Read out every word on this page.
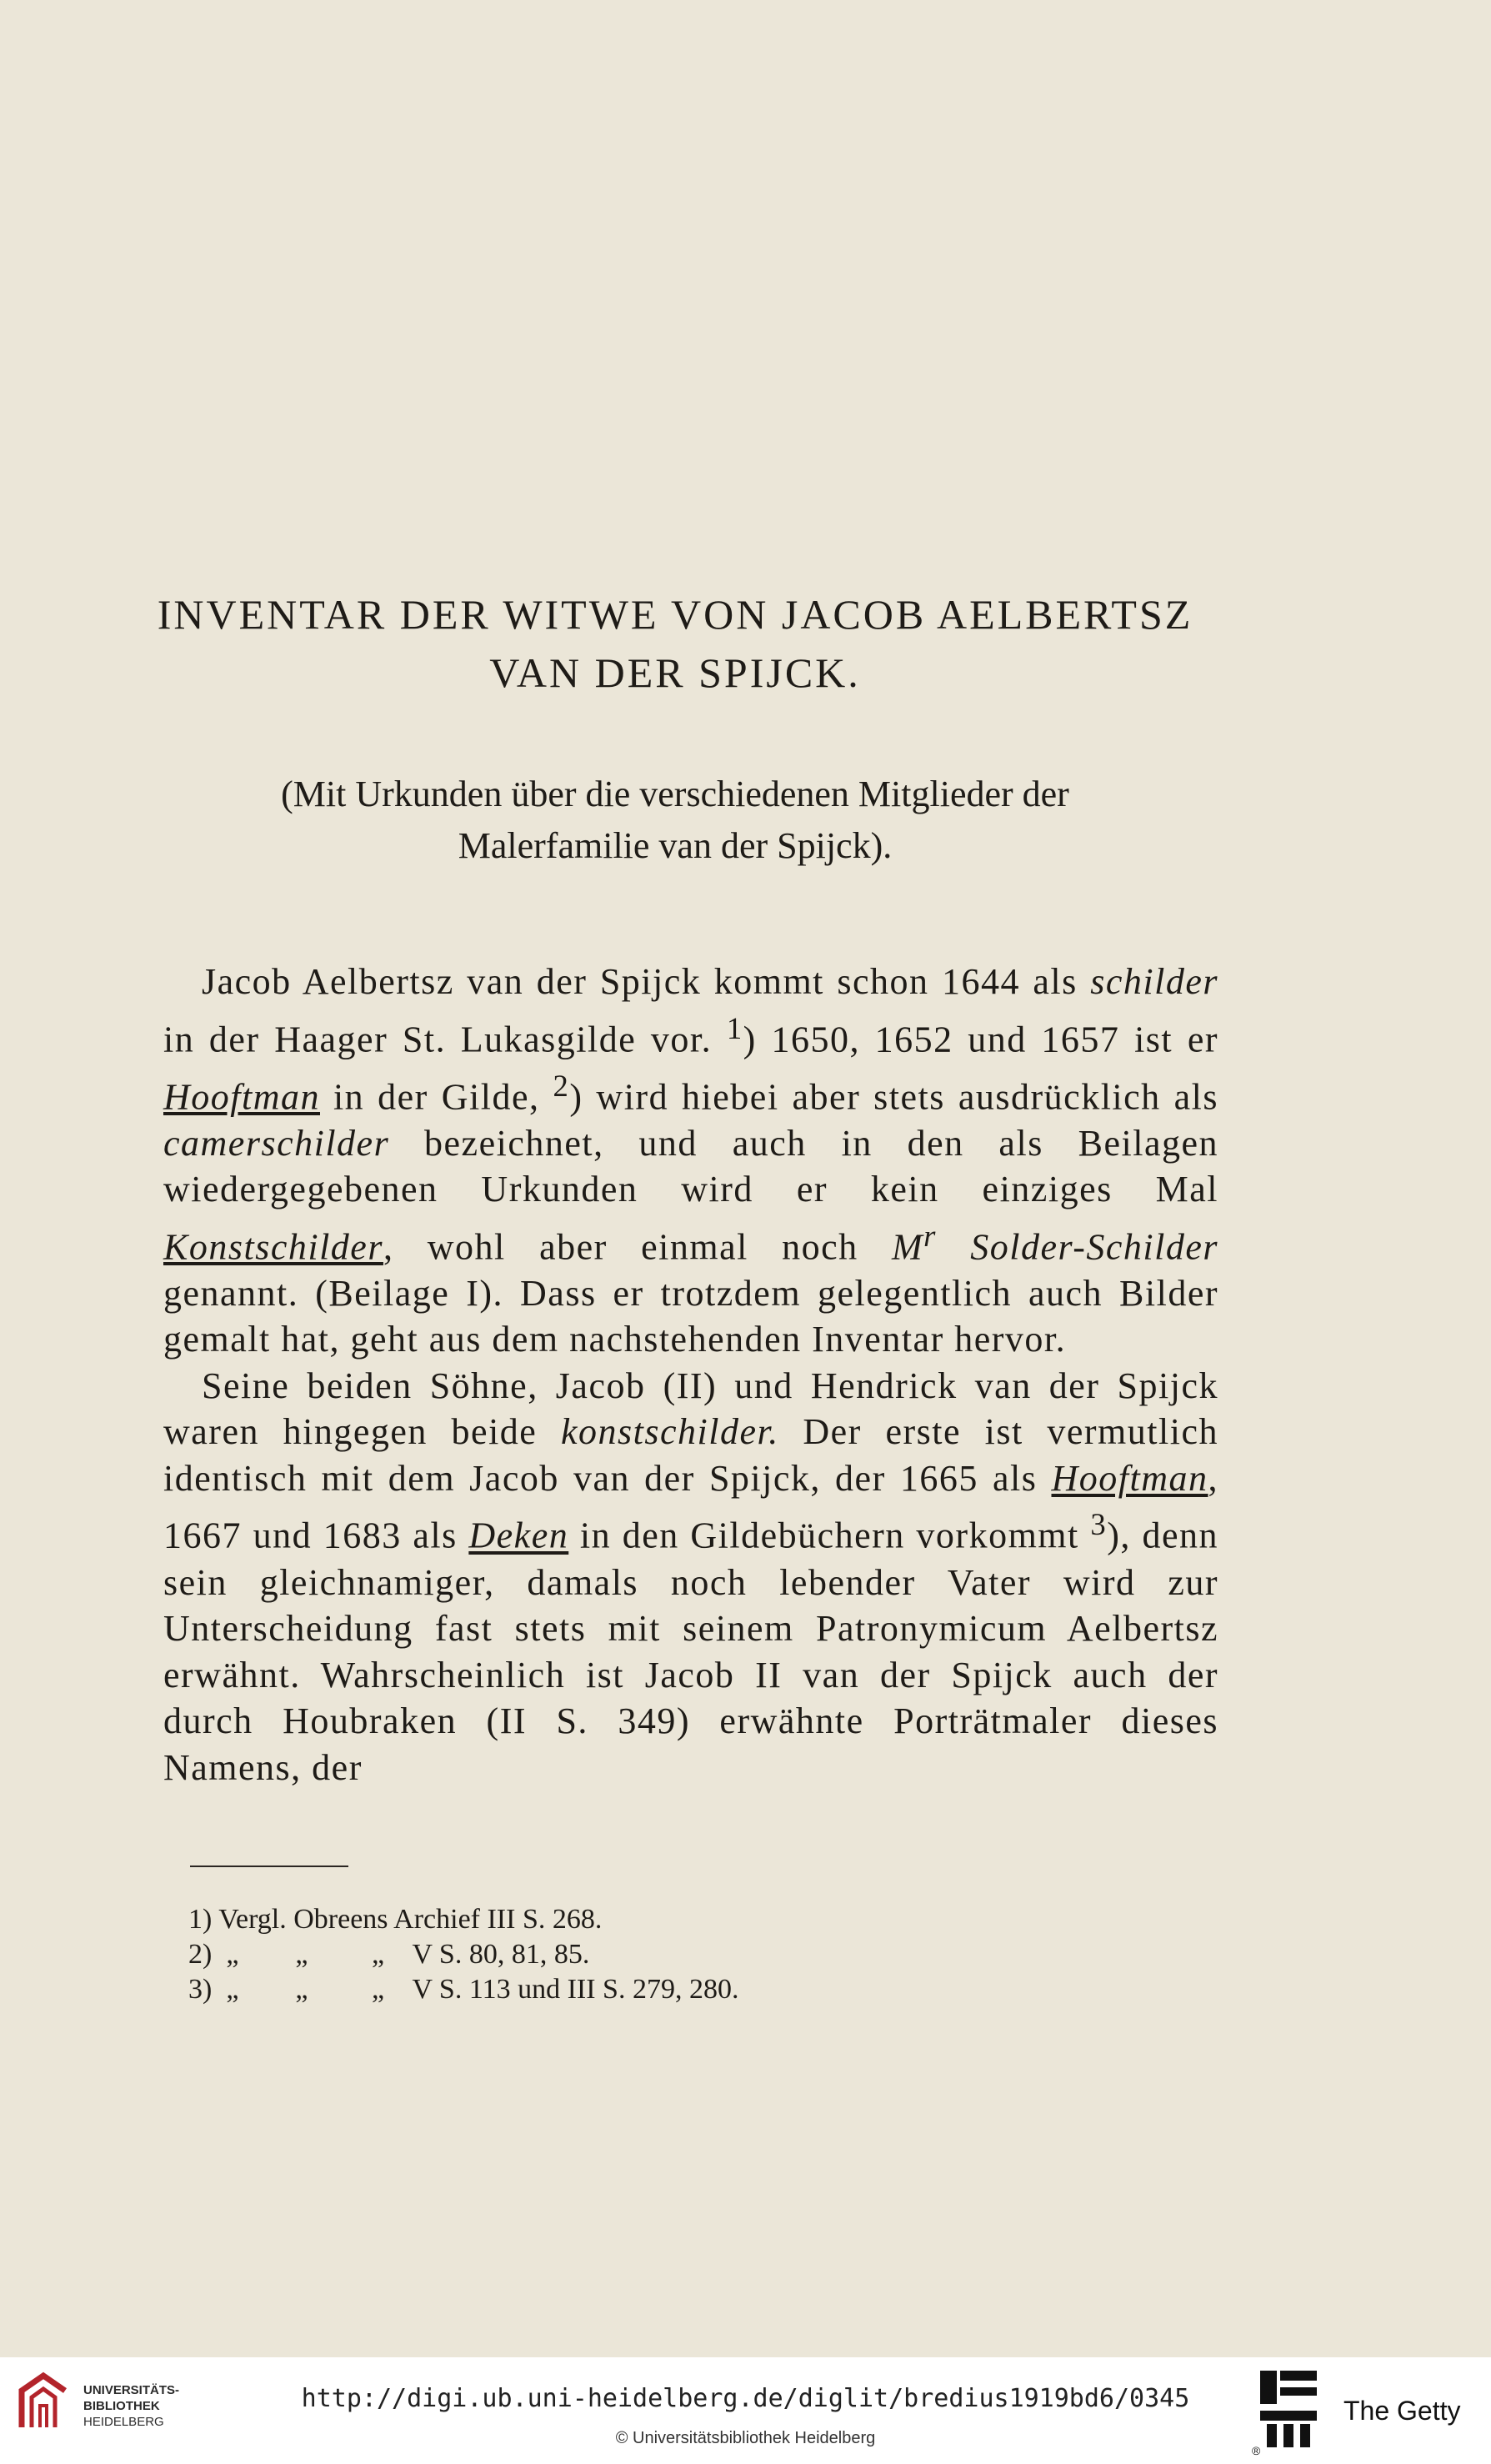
INVENTAR DER WITWE VON JACOB AELBERTSZ
VAN DER SPIJCK.
(Mit Urkunden über die verschiedenen Mitglieder der
Malerfamilie van der Spijck).

Jacob Aelbertsz van der Spijck kommt schon 1644 als schilder in der Haager St. Lukasgilde vor. $^1$) 1650, 1652 und 1657 ist er Hooftman in der Gilde, $^2$) wird hiebei aber stets ausdrücklich als camerschilder bezeichnet, und auch in den als Beilagen wiedergegebenen Urkunden wird er kein einziges Mal Konstschilder, wohl aber einmal noch $M^r$ Solder-Schilder genannt. (Beilage I). Dass er trotzdem gelegentlich auch Bilder gemalt hat, geht aus dem nachstehenden Inventar hervor.

Seine beiden Söhne, Jacob (II) und Hendrick van der Spijck waren hingegen beide konstschilder. Der erste ist vermutlich identisch mit dem Jacob van der Spijck, der 1665 als Hooftman, 1667 und 1683 als Deken in den Gildebüchern vorkommt $^3$), denn sein gleichnamiger, damals noch lebender Vater wird zur Unterscheidung fast stets mit seinem Patronymicum Aelbertsz erwähnt. Wahrscheinlich ist Jacob II van der Spijck auch der durch Houbraken (II S. 349) erwähnte Porträtmaler dieses Namens, der

1) Vergl. Obreens Archief III S. 268.
2)  „        „         „    V S. 80, 81, 85.
3)  „        „         „    V S. 113 und III S. 279, 280.
UNIVERSITÄTS-
BIBLIOTHEK
HEIDELBERG
http://digi.ub.uni-heidelberg.de/diglit/bredius1919bd6/0345
© Universitätsbibliothek Heidelberg
®
The Getty
